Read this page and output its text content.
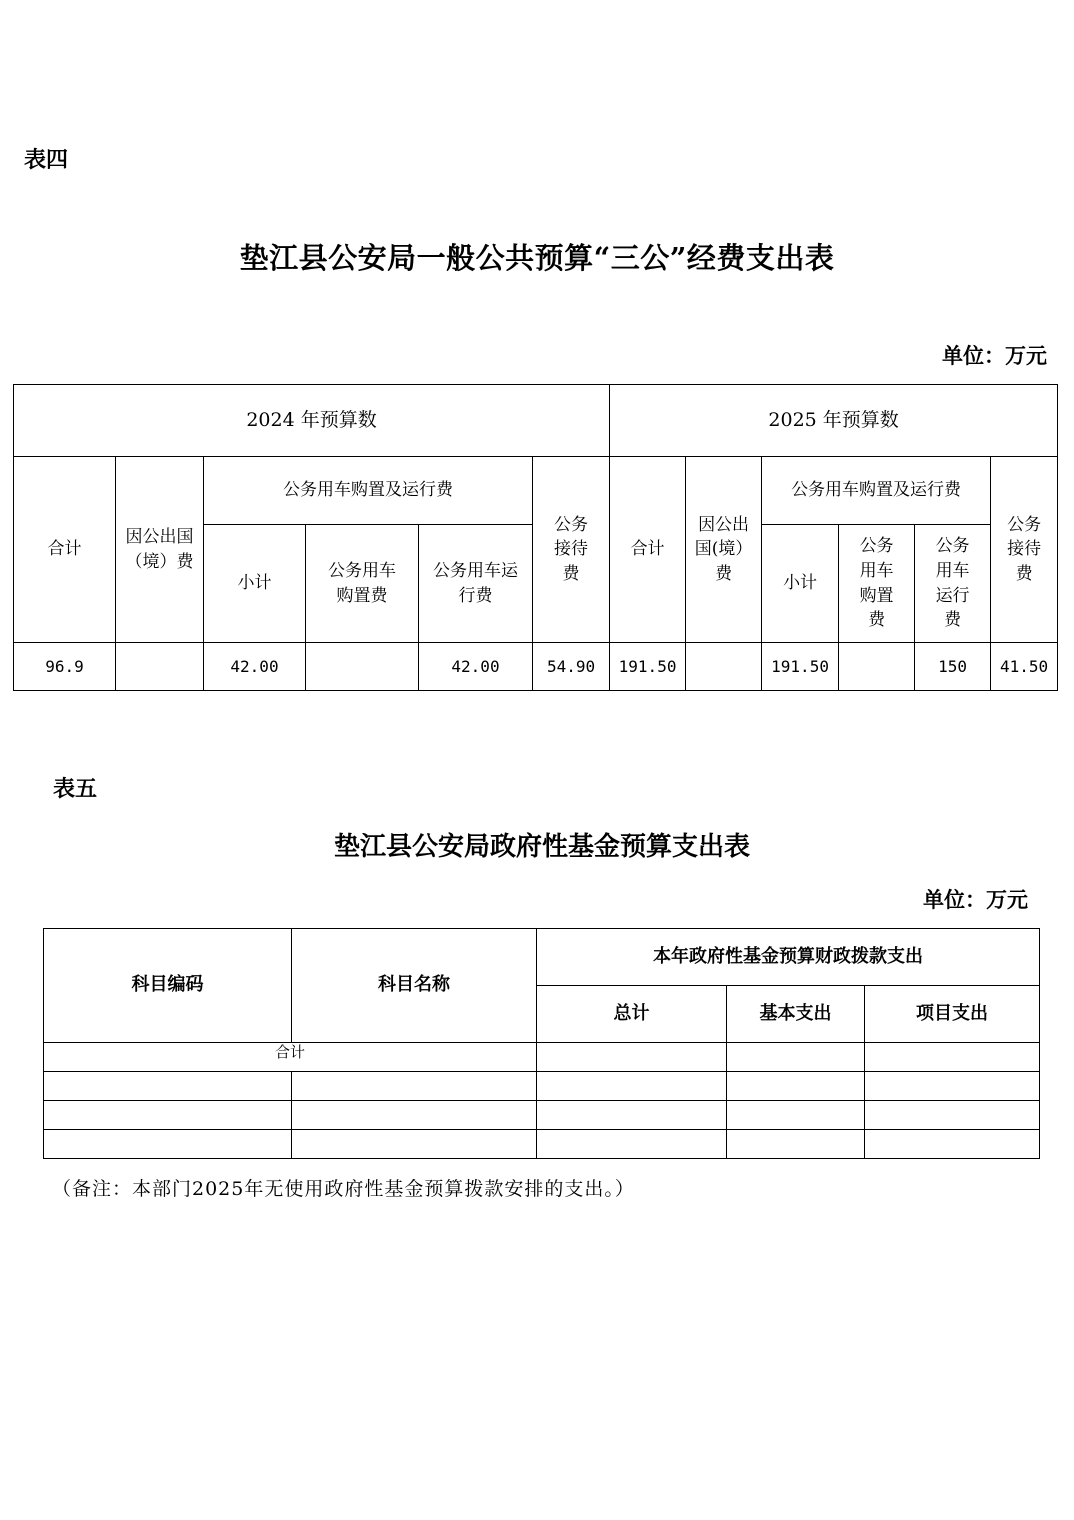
表四
垫江县公安局一般公共预算“三公”经费支出表
单位：万元
2024 年预算数						2025 年预算数					
合计	因公出国（境）费	公务用车购置及运行费			公务接待费	合计	因公出国(境）费	公务用车购置及运行费			公务接待费
		小计	公务用车购置费	公务用车运行费				小计	公务用车购置费	公务用车运行费	
96.9		42.00		42.00	54.90	191.50		191.50		150	41.50
表五
垫江县公安局政府性基金预算支出表
单位：万元
科目编码	科目名称	本年政府性基金预算财政拨款支出		
		总计	基本支出	项目支出
合计				

（备注：本部门2025年无使用政府性基金预算拨款安排的支出。）
